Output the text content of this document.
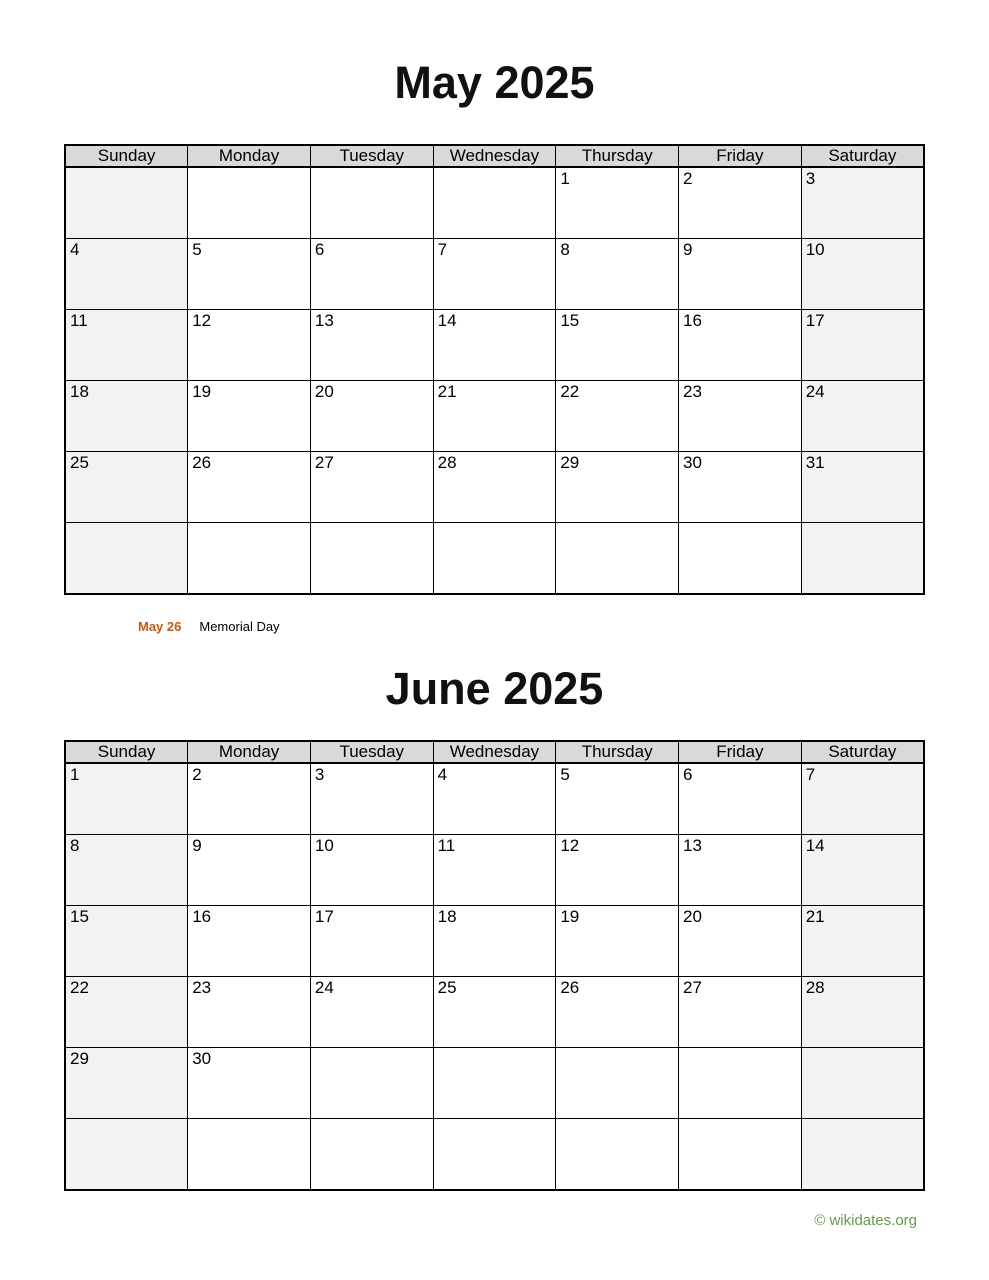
May 2025
Sunday	Monday	Tuesday	Wednesday	Thursday	Friday	Saturday
				1	2	3
4	5	6	7	8	9	10
11	12	13	14	15	16	17
18	19	20	21	22	23	24
25	26	27	28	29	30	31

May 26 Memorial Day
June 2025
Sunday	Monday	Tuesday	Wednesday	Thursday	Friday	Saturday
1	2	3	4	5	6	7
8	9	10	11	12	13	14
15	16	17	18	19	20	21
22	23	24	25	26	27	28
29	30					

© wikidates.org
